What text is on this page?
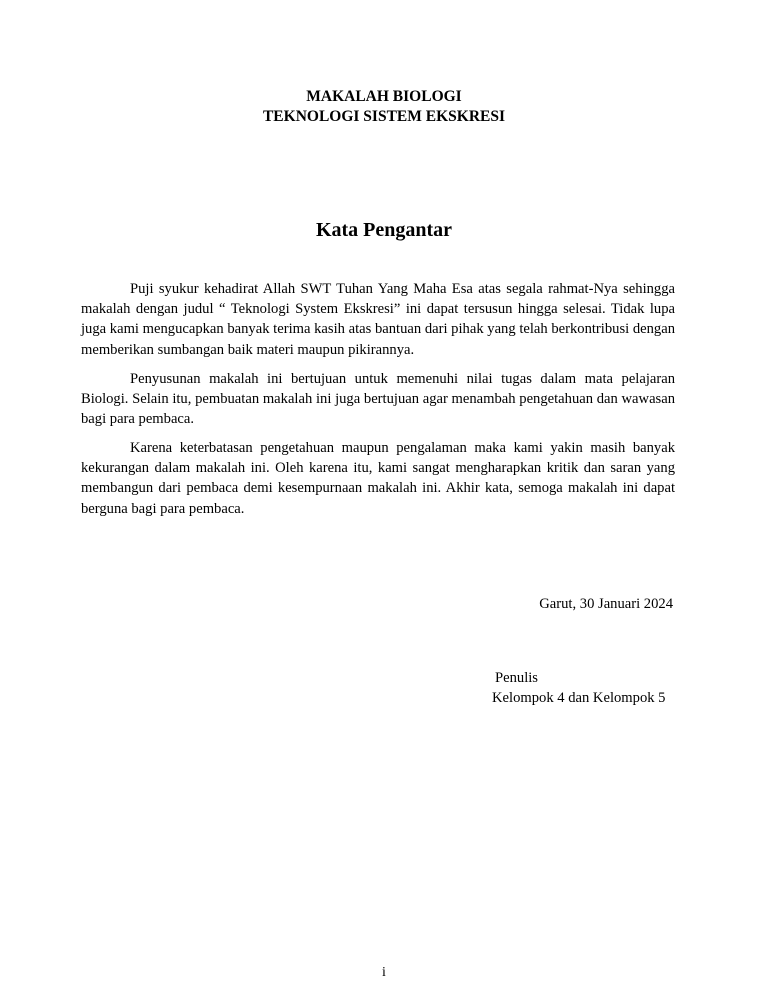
MAKALAH BIOLOGI

TEKNOLOGI SISTEM EKSKRESI

Kata Pengantar

Puji syukur kehadirat Allah SWT Tuhan Yang Maha Esa atas segala rahmat-Nya sehingga makalah dengan judul “ Teknologi System Ekskresi” ini dapat tersusun hingga selesai. Tidak lupa juga kami mengucapkan banyak terima kasih atas bantuan dari pihak yang telah berkontribusi dengan memberikan sumbangan baik materi maupun pikirannya.

Penyusunan makalah ini bertujuan untuk memenuhi nilai tugas dalam mata pelajaran Biologi. Selain itu, pembuatan makalah ini juga bertujuan agar menambah pengetahuan dan wawasan bagi para pembaca.

Karena keterbatasan pengetahuan maupun pengalaman maka kami yakin masih banyak kekurangan dalam makalah ini. Oleh karena itu, kami sangat mengharapkan kritik dan saran yang membangun dari pembaca demi kesempurnaan makalah ini. Akhir kata, semoga makalah ini dapat berguna bagi para pembaca.

Garut, 30 Januari 2024

Penulis

Kelompok 4 dan Kelompok 5

i
